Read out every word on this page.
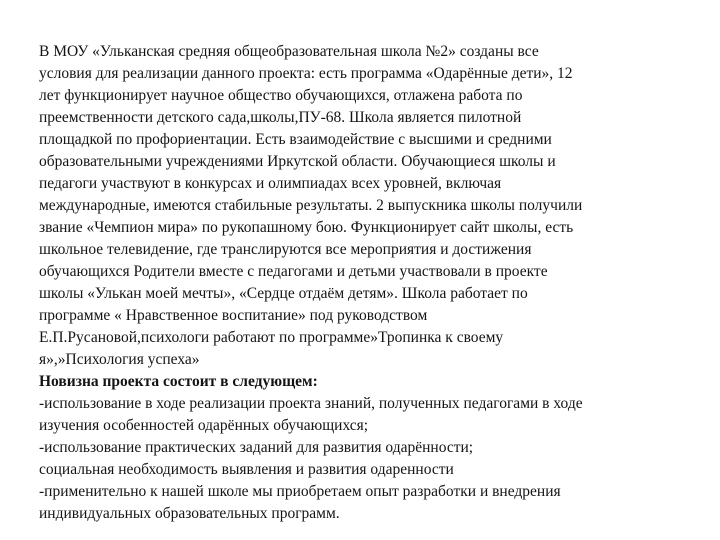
В МОУ «Ульканская средняя общеобразовательная школа №2» созданы все
условия для реализации данного проекта: есть программа «Одарённые дети», 12
лет функционирует научное общество обучающихся, отлажена работа по
преемственности детского сада,школы,ПУ-68. Школа является пилотной
площадкой по профориентации. Есть взаимодействие с высшими и средними
образовательными учреждениями Иркутской области. Обучающиеся школы и
педагоги участвуют в конкурсах и олимпиадах всех уровней, включая
международные, имеются стабильные результаты. 2 выпускника школы получили
звание «Чемпион мира» по рукопашному бою. Функционирует сайт школы, есть
школьное телевидение, где транслируются все мероприятия и достижения
обучающихся Родители вместе с педагогами и детьми участвовали в проекте
школы «Улькан моей мечты», «Сердце отдаём детям». Школа работает по
программе « Нравственное воспитание» под руководством
Е.П.Русановой,психологи работают по программе»Тропинка к своему
я»,»Психология успеха»
Новизна проекта состоит в следующем:
-использование в ходе реализации проекта знаний, полученных педагогами в ходе
изучения особенностей одарённых обучающихся;
-использование практических заданий для развития одарённости;
социальная необходимость выявления и развития одаренности
-применительно к нашей школе мы приобретаем опыт разработки и внедрения
индивидуальных образовательных программ.
